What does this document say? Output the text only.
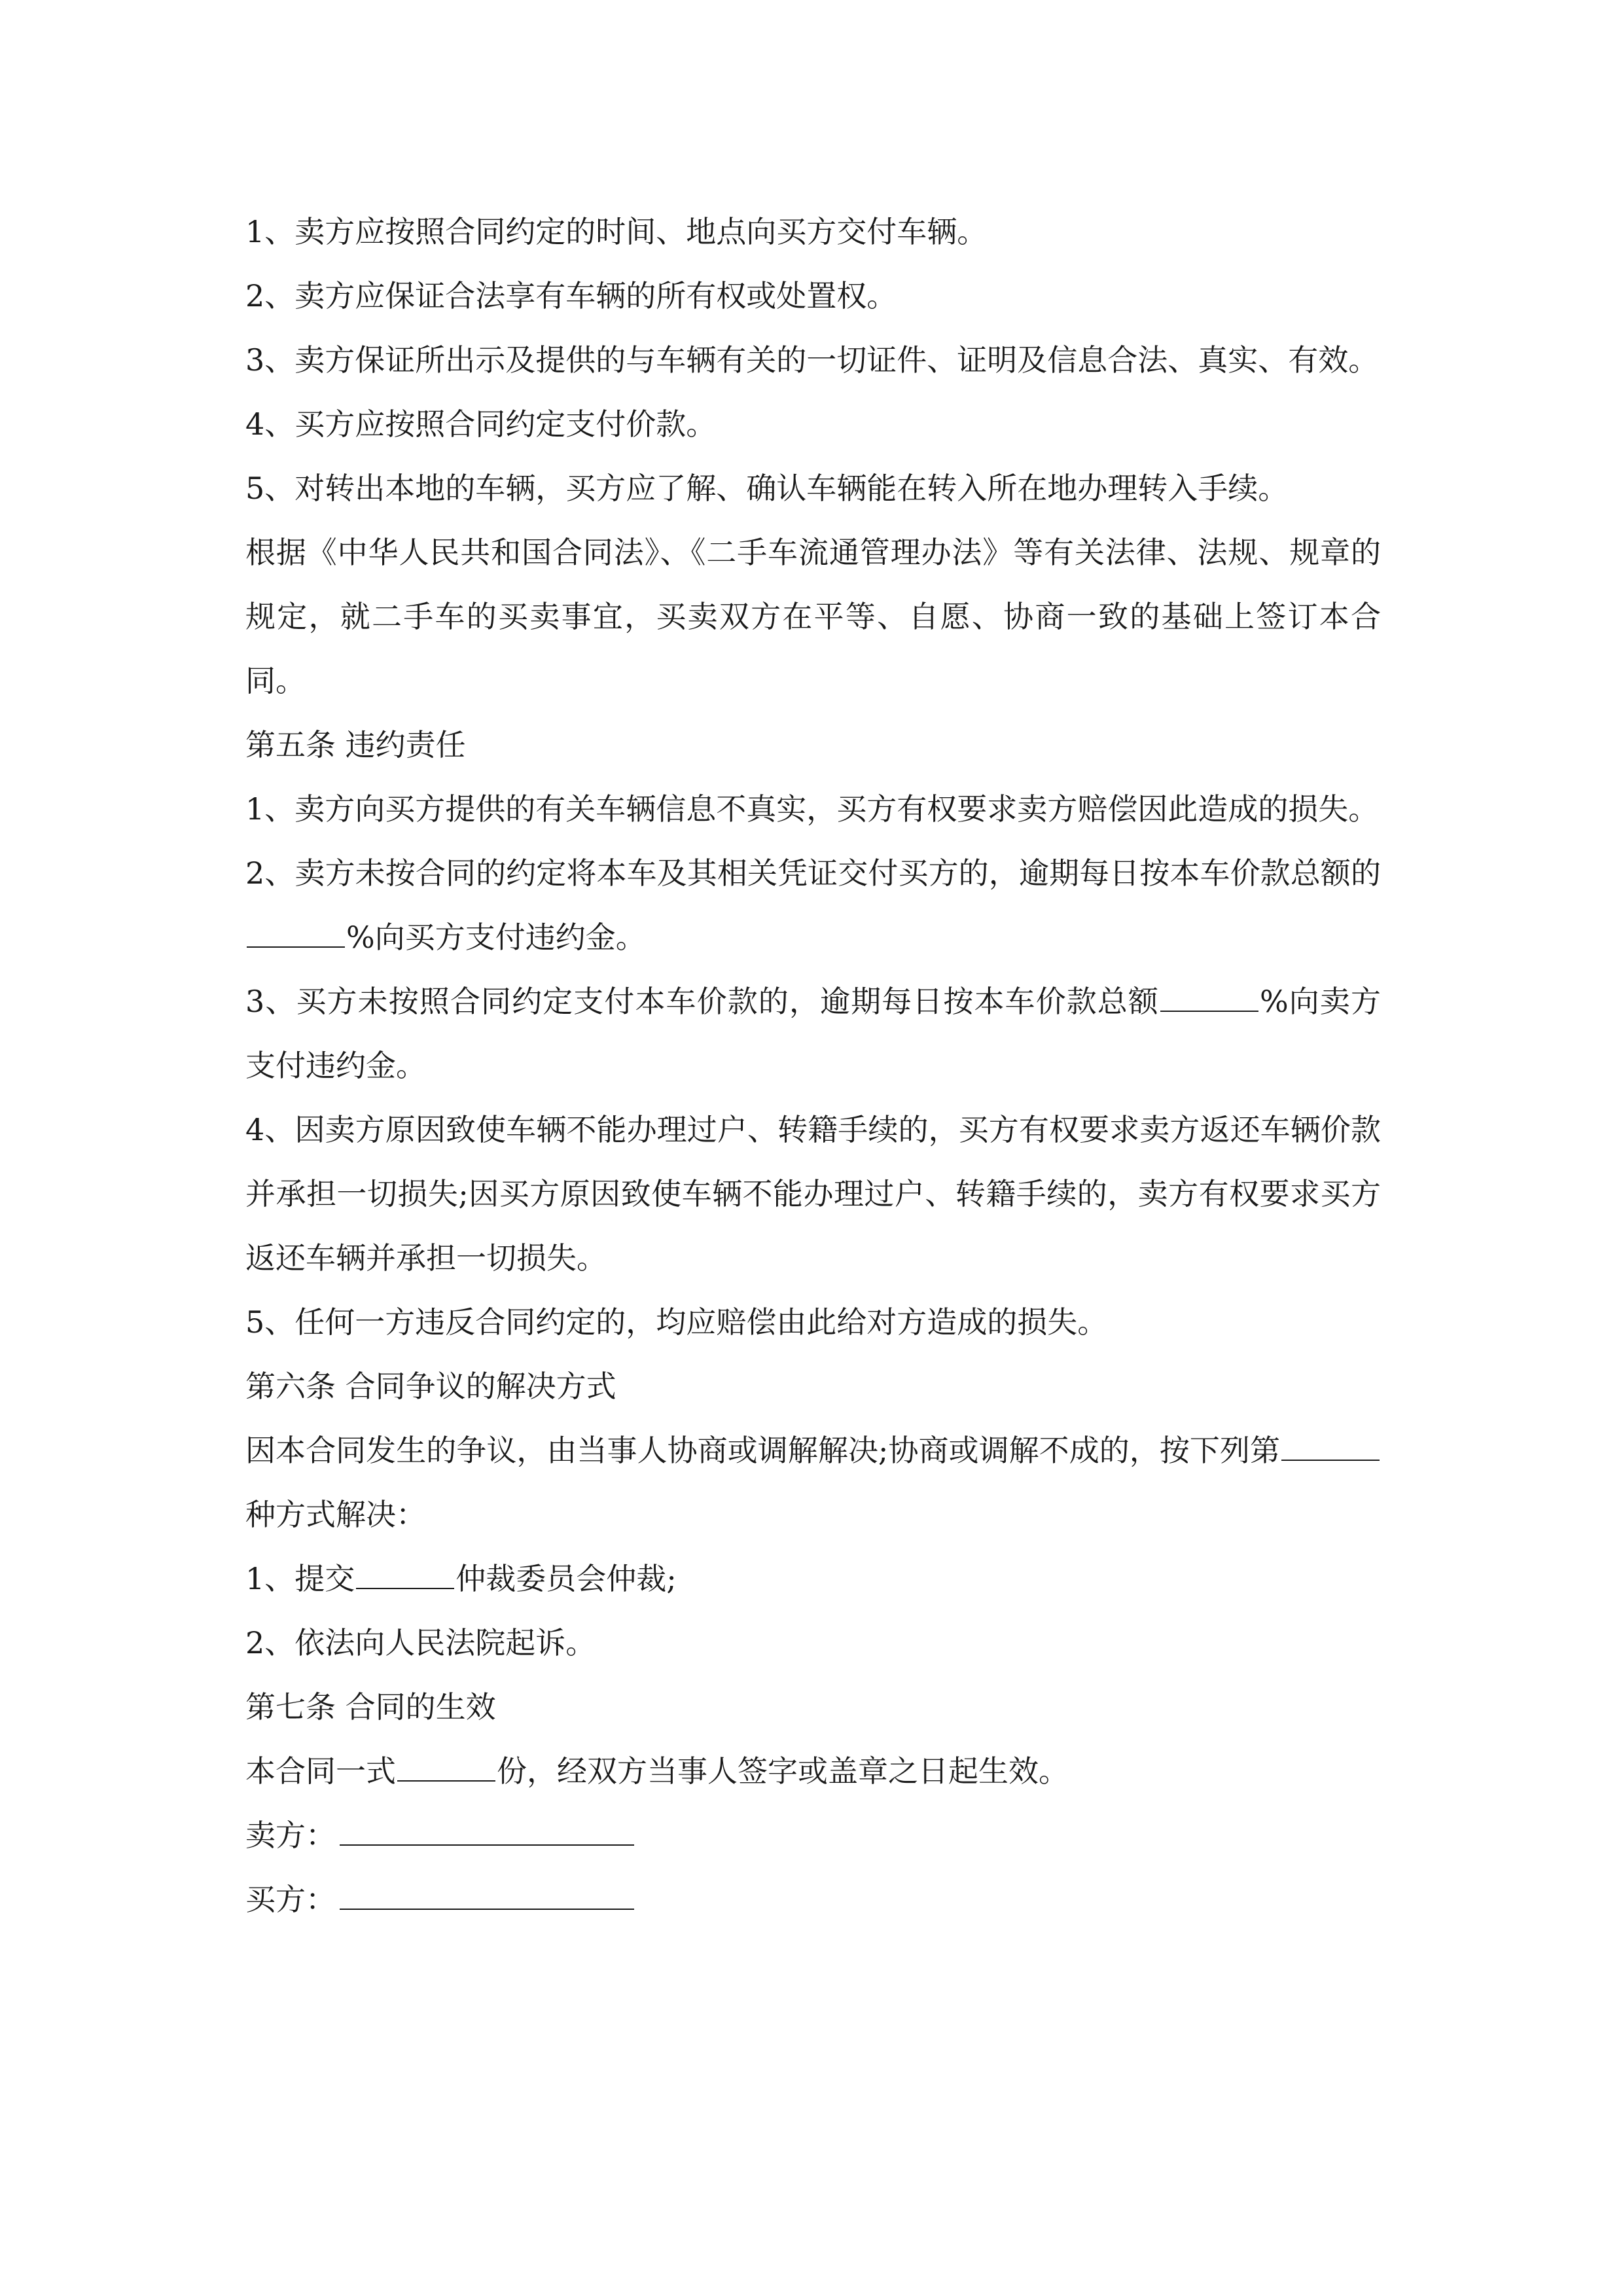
1、卖方应按照合同约定的时间、地点向买方交付车辆。

2、卖方应保证合法享有车辆的所有权或处置权。

3、卖方保证所出示及提供的与车辆有关的一切证件、证明及信息合法、真实、有效。

4、买方应按照合同约定支付价款。

5、对转出本地的车辆，买方应了解、确认车辆能在转入所在地办理转入手续。

根据《中华人民共和国合同法》、《二手车流通管理办法》等有关法律、法规、规章的规定，就二手车的买卖事宜，买卖双方在平等、自愿、协商一致的基础上签订本合同。

第五条 违约责任

1、卖方向买方提供的有关车辆信息不真实，买方有权要求卖方赔偿因此造成的损失。

2、卖方未按合同的约定将本车及其相关凭证交付买方的，逾期每日按本车价款总额的%向买方支付违约金。

3、买方未按照合同约定支付本车价款的，逾期每日按本车价款总额	%向卖方支付违约金。

4、因卖方原因致使车辆不能办理过户、转籍手续的，买方有权要求卖方返还车辆价款并承担一切损失;因买方原因致使车辆不能办理过户、转籍手续的，卖方有权要求买方返还车辆并承担一切损失。

5、任何一方违反合同约定的，均应赔偿由此给对方造成的损失。

第六条 合同争议的解决方式

因本合同发生的争议，由当事人协商或调解解决;协商或调解不成的，按下列第种方式解决：

1、提交	仲裁委员会仲裁;

2、依法向人民法院起诉。

第七条 合同的生效

本合同一式	份，经双方当事人签字或盖章之日起生效。

卖方：

买方：
